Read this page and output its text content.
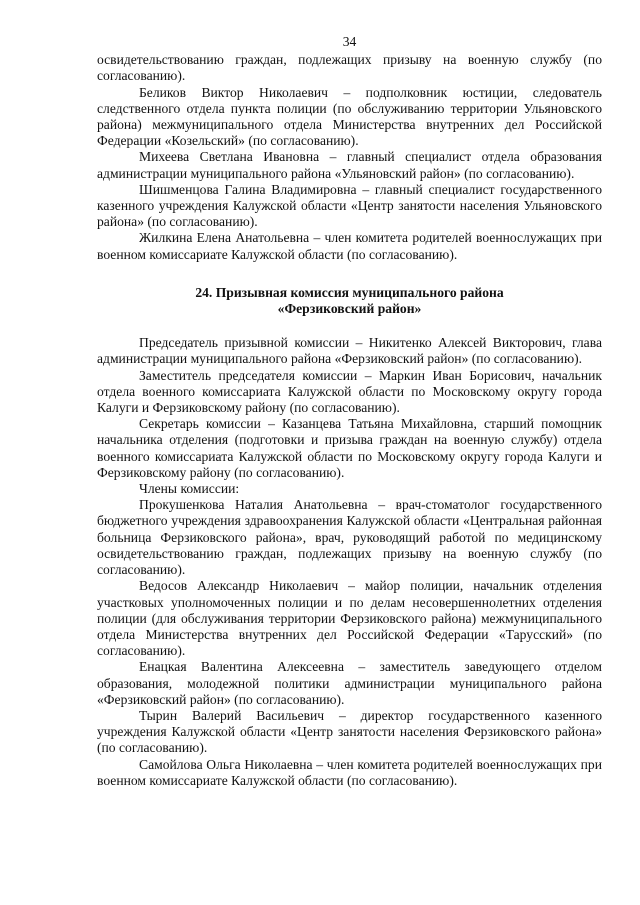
34

освидетельствованию граждан, подлежащих призыву на военную службу (по согласованию).

Беликов Виктор Николаевич – подполковник юстиции, следователь следственного отдела пункта полиции (по обслуживанию территории Ульяновского района) межмуниципального отдела Министерства внутренних дел Российской Федерации «Козельский» (по согласованию).

Михеева Светлана Ивановна – главный специалист отдела образования администрации муниципального района «Ульяновский район» (по согласованию).

Шишменцова Галина Владимировна – главный специалист государственного казенного учреждения Калужской области «Центр занятости населения Ульяновского района» (по согласованию).

Жилкина Елена Анатольевна – член комитета родителей военнослужащих при военном комиссариате Калужской области (по согласованию).

24. Призывная комиссия муниципального района
«Ферзиковский район»

Председатель призывной комиссии – Никитенко Алексей Викторович, глава администрации муниципального района «Ферзиковский район» (по согласованию).

Заместитель председателя комиссии – Маркин Иван Борисович, начальник отдела военного комиссариата Калужской области по Московскому округу города Калуги и Ферзиковскому району (по согласованию).

Секретарь комиссии – Казанцева Татьяна Михайловна, старший помощник начальника отделения (подготовки и призыва граждан на военную службу) отдела военного комиссариата Калужской области по Московскому округу города Калуги и Ферзиковскому району (по согласованию).

Члены комиссии:

Прокушенкова Наталия Анатольевна – врач-стоматолог государственного бюджетного учреждения здравоохранения Калужской области «Центральная районная больница Ферзиковского района», врач, руководящий работой по медицинскому освидетельствованию граждан, подлежащих призыву на военную службу (по согласованию).

Ведосов Александр Николаевич – майор полиции, начальник отделения участковых уполномоченных полиции и по делам несовершеннолетних отделения полиции (для обслуживания территории Ферзиковского района) межмуниципального отдела Министерства внутренних дел Российской Федерации «Тарусский» (по согласованию).

Енацкая Валентина Алексеевна – заместитель заведующего отделом образования, молодежной политики администрации муниципального района «Ферзиковский район» (по согласованию).

Тырин Валерий Васильевич – директор государственного казенного учреждения Калужской области «Центр занятости населения Ферзиковского района» (по согласованию).

Самойлова Ольга Николаевна – член комитета родителей военнослужащих при военном комиссариате Калужской области (по согласованию).
